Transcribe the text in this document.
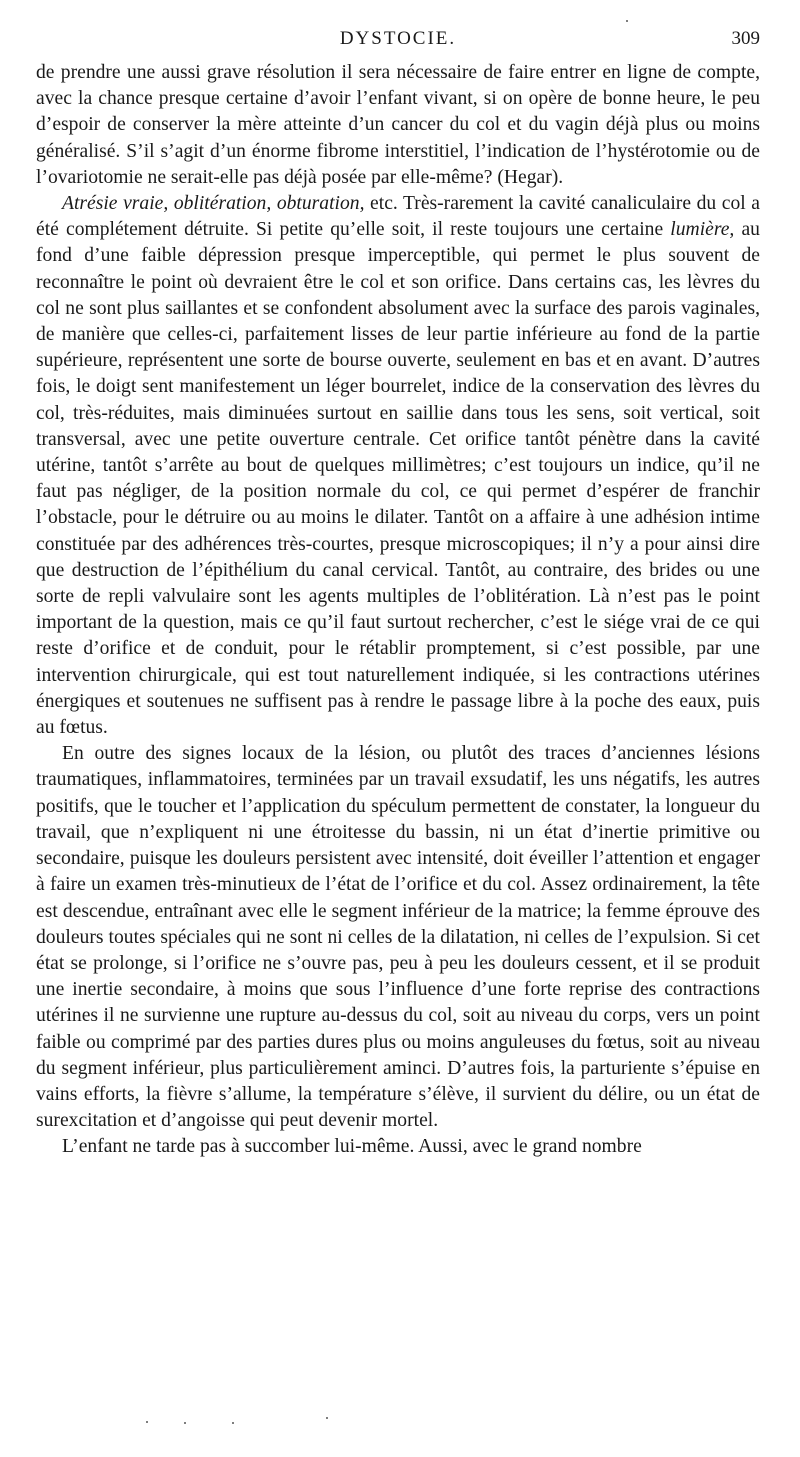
DYSTOCIE.	309

de prendre une aussi grave résolution il sera nécessaire de faire entrer en ligne de compte, avec la chance presque certaine d’avoir l’enfant vivant, si on opère de bonne heure, le peu d’espoir de conserver la mère atteinte d’un cancer du col et du vagin déjà plus ou moins généralisé. S’il s’agit d’un énorme fibrome interstitiel, l’indication de l’hystérotomie ou de l’ovariotomie ne serait-elle pas déjà posée par elle-même? (Hegar).

Atrésie vraie, oblitération, obturation, etc. Très-rarement la cavité canaliculaire du col a été complétement détruite. Si petite qu’elle soit, il reste toujours une certaine lumière, au fond d’une faible dépression presque imperceptible, qui permet le plus souvent de reconnaître le point où devraient être le col et son orifice. Dans certains cas, les lèvres du col ne sont plus saillantes et se confondent absolument avec la surface des parois vaginales, de manière que celles-ci, parfaitement lisses de leur partie inférieure au fond de la partie supérieure, représentent une sorte de bourse ouverte, seulement en bas et en avant. D’autres fois, le doigt sent manifestement un léger bourrelet, indice de la conservation des lèvres du col, très-réduites, mais diminuées surtout en saillie dans tous les sens, soit vertical, soit transversal, avec une petite ouverture centrale. Cet orifice tantôt pénètre dans la cavité utérine, tantôt s’arrête au bout de quelques millimètres; c’est toujours un indice, qu’il ne faut pas négliger, de la position normale du col, ce qui permet d’espérer de franchir l’obstacle, pour le détruire ou au moins le dilater. Tantôt on a affaire à une adhésion intime constituée par des adhérences très-courtes, presque microscopiques; il n’y a pour ainsi dire que destruction de l’épithélium du canal cervical. Tantôt, au contraire, des brides ou une sorte de repli valvulaire sont les agents multiples de l’oblitération. Là n’est pas le point important de la question, mais ce qu’il faut surtout rechercher, c’est le siége vrai de ce qui reste d’orifice et de conduit, pour le rétablir promptement, si c’est possible, par une intervention chirurgicale, qui est tout naturellement indiquée, si les contractions utérines énergiques et soutenues ne suffisent pas à rendre le passage libre à la poche des eaux, puis au fœtus.

En outre des signes locaux de la lésion, ou plutôt des traces d’anciennes lésions traumatiques, inflammatoires, terminées par un travail exsudatif, les uns négatifs, les autres positifs, que le toucher et l’application du spéculum permettent de constater, la longueur du travail, que n’expliquent ni une étroitesse du bassin, ni un état d’inertie primitive ou secondaire, puisque les douleurs persistent avec intensité, doit éveiller l’attention et engager à faire un examen très-minutieux de l’état de l’orifice et du col. Assez ordinairement, la tête est descendue, entraînant avec elle le segment inférieur de la matrice; la femme éprouve des douleurs toutes spéciales qui ne sont ni celles de la dilatation, ni celles de l’expulsion. Si cet état se prolonge, si l’orifice ne s’ouvre pas, peu à peu les douleurs cessent, et il se produit une inertie secondaire, à moins que sous l’influence d’une forte reprise des contractions utérines il ne survienne une rupture au-dessus du col, soit au niveau du corps, vers un point faible ou comprimé par des parties dures plus ou moins anguleuses du fœtus, soit au niveau du segment inférieur, plus particulièrement aminci. D’autres fois, la parturiente s’épuise en vains efforts, la fièvre s’allume, la température s’élève, il survient du délire, ou un état de surexcitation et d’angoisse qui peut devenir mortel.

L’enfant ne tarde pas à succomber lui-même. Aussi, avec le grand nombre
